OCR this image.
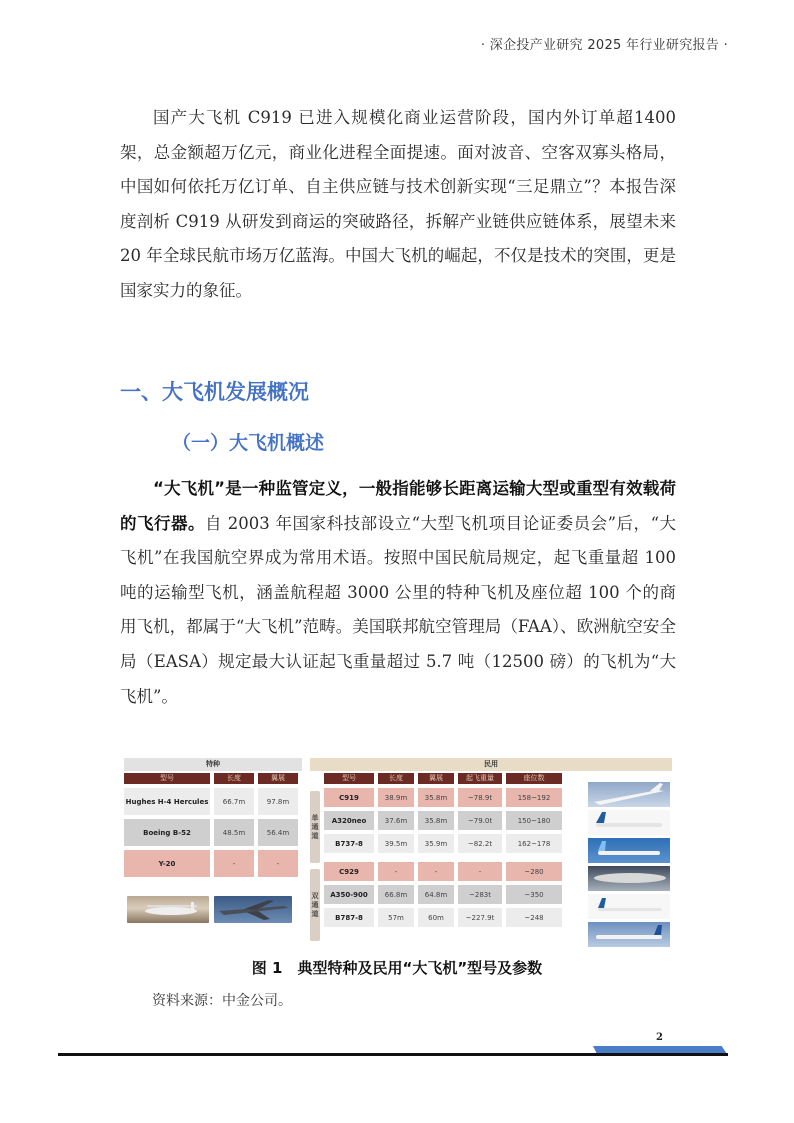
· 深企投产业研究 2025 年行业研究报告 ·

国产大飞机 C919 已进入规模化商业运营阶段，国内外订单超1400 架，总金额超万亿元，商业化进程全面提速。面对波音、空客双寡头格局，中国如何依托万亿订单、自主供应链与技术创新实现“三足鼎立”？本报告深度剖析 C919 从研发到商运的突破路径，拆解产业链供应链体系，展望未来 20 年全球民航市场万亿蓝海。中国大飞机的崛起，不仅是技术的突围，更是国家实力的象征。

一、大飞机发展概况
（一）大飞机概述

“大飞机”是一种监管定义，一般指能够长距离运输大型或重型有效载荷的飞行器。自 2003 年国家科技部设立“大型飞机项目论证委员会”后，“大飞机”在我国航空界成为常用术语。按照中国民航局规定，起飞重量超 100 吨的运输型飞机，涵盖航程超 3000 公里的特种飞机及座位超 100 个的商用飞机，都属于“大飞机”范畴。美国联邦航空管理局（FAA）、欧洲航空安全局（EASA）规定最大认证起飞重量超过 5.7 吨（12500 磅）的飞机为“大飞机”。

特种
型号	长度	翼展
Hughes H-4 Hercules	66.7m	97.8m
Boeing B-52	48.5m	56.4m
Y-20	-	-
民用
型号	长度	翼展	起飞重量	座位数
单通道
双通道
C919	38.9m	35.8m	~78.9t	158~192
A320neo	37.6m	35.8m	~79.0t	150~180
B737-8	39.5m	35.9m	~82.2t	162~178
C929	-	-	-	~280
A350-900	66.8m	64.8m	~283t	~350
B787-8	57m	60m	~227.9t	~248
图 1　典型特种及民用“大飞机”型号及参数
资料来源：中金公司。
2
